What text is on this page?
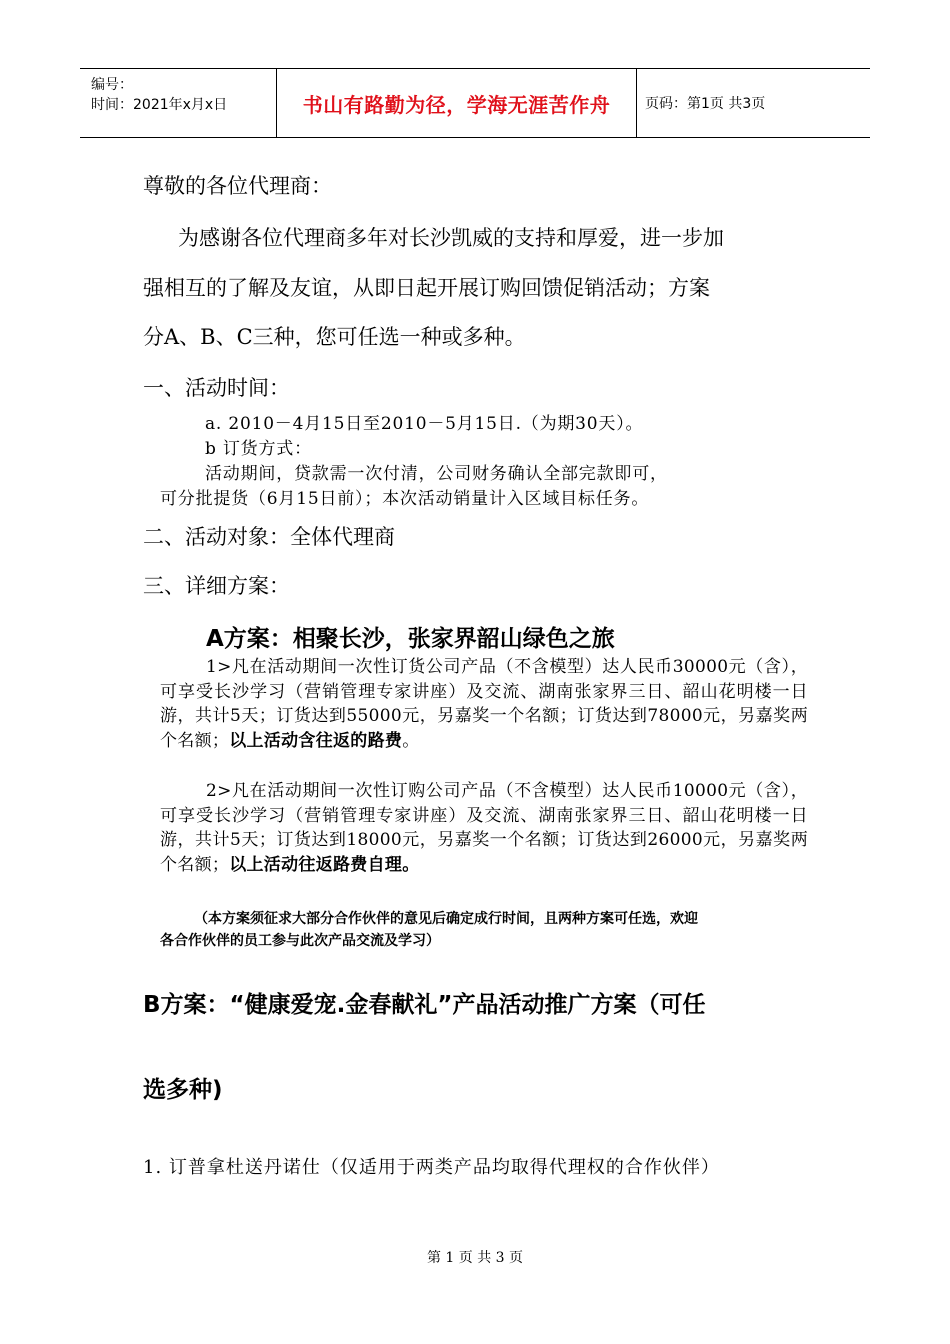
编号：
时间：2021年x月x日	书山有路勤为径，学海无涯苦作舟	页码：第1页 共3页
尊敬的各位代理商：
为感谢各位代理商多年对长沙凯威的支持和厚爱，进一步加
强相互的了解及友谊，从即日起开展订购回馈促销活动；方案
分A、B、C三种，您可任选一种或多种。
一、活动时间：
a. 2010－4月15日至2010－5月15日.（为期30天）。
b 订货方式：
活动期间，贷款需一次付清，公司财务确认全部完款即可，
可分批提货（6月15日前）；本次活动销量计入区域目标任务。
二、活动对象：全体代理商
三、详细方案：
A方案：相聚长沙，张家界韶山绿色之旅
1>凡在活动期间一次性订货公司产品（不含模型）达人民币30000元（含），可享受长沙学习（营销管理专家讲座）及交流、湖南张家界三日、韶山花明楼一日游，共计5天；订货达到55000元，另嘉奖一个名额；订货达到78000元，另嘉奖两个名额；以上活动含往返的路费。
2>凡在活动期间一次性订购公司产品（不含模型）达人民币10000元（含），可享受长沙学习（营销管理专家讲座）及交流、湖南张家界三日、韶山花明楼一日游，共计5天；订货达到18000元，另嘉奖一个名额；订货达到26000元，另嘉奖两个名额；以上活动往返路费自理。
（本方案须征求大部分合作伙伴的意见后确定成行时间，且两种方案可任选，欢迎
各合作伙伴的员工参与此次产品交流及学习）
B方案：“健康爱宠.金春献礼”产品活动推广方案（可任
选多种)
1. 订普拿杜送丹诺仕（仅适用于两类产品均取得代理权的合作伙伴）
第 1 页 共 3 页
